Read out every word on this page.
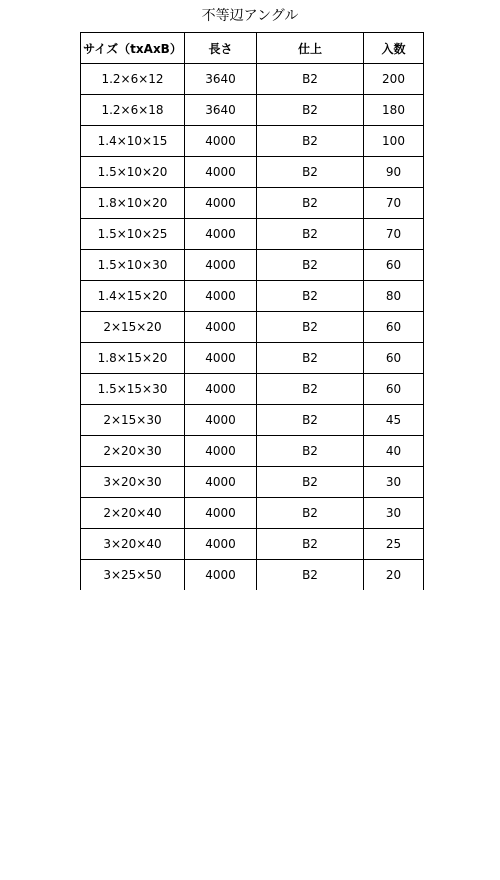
不等辺アングル
サイズ（txAxB）	長さ	仕上	入数
1.2×6×12	3640	B2	200
1.2×6×18	3640	B2	180
1.4×10×15	4000	B2	100
1.5×10×20	4000	B2	90
1.8×10×20	4000	B2	70
1.5×10×25	4000	B2	70
1.5×10×30	4000	B2	60
1.4×15×20	4000	B2	80
2×15×20	4000	B2	60
1.8×15×20	4000	B2	60
1.5×15×30	4000	B2	60
2×15×30	4000	B2	45
2×20×30	4000	B2	40
3×20×30	4000	B2	30
2×20×40	4000	B2	30
3×20×40	4000	B2	25
3×25×50	4000	B2	20
